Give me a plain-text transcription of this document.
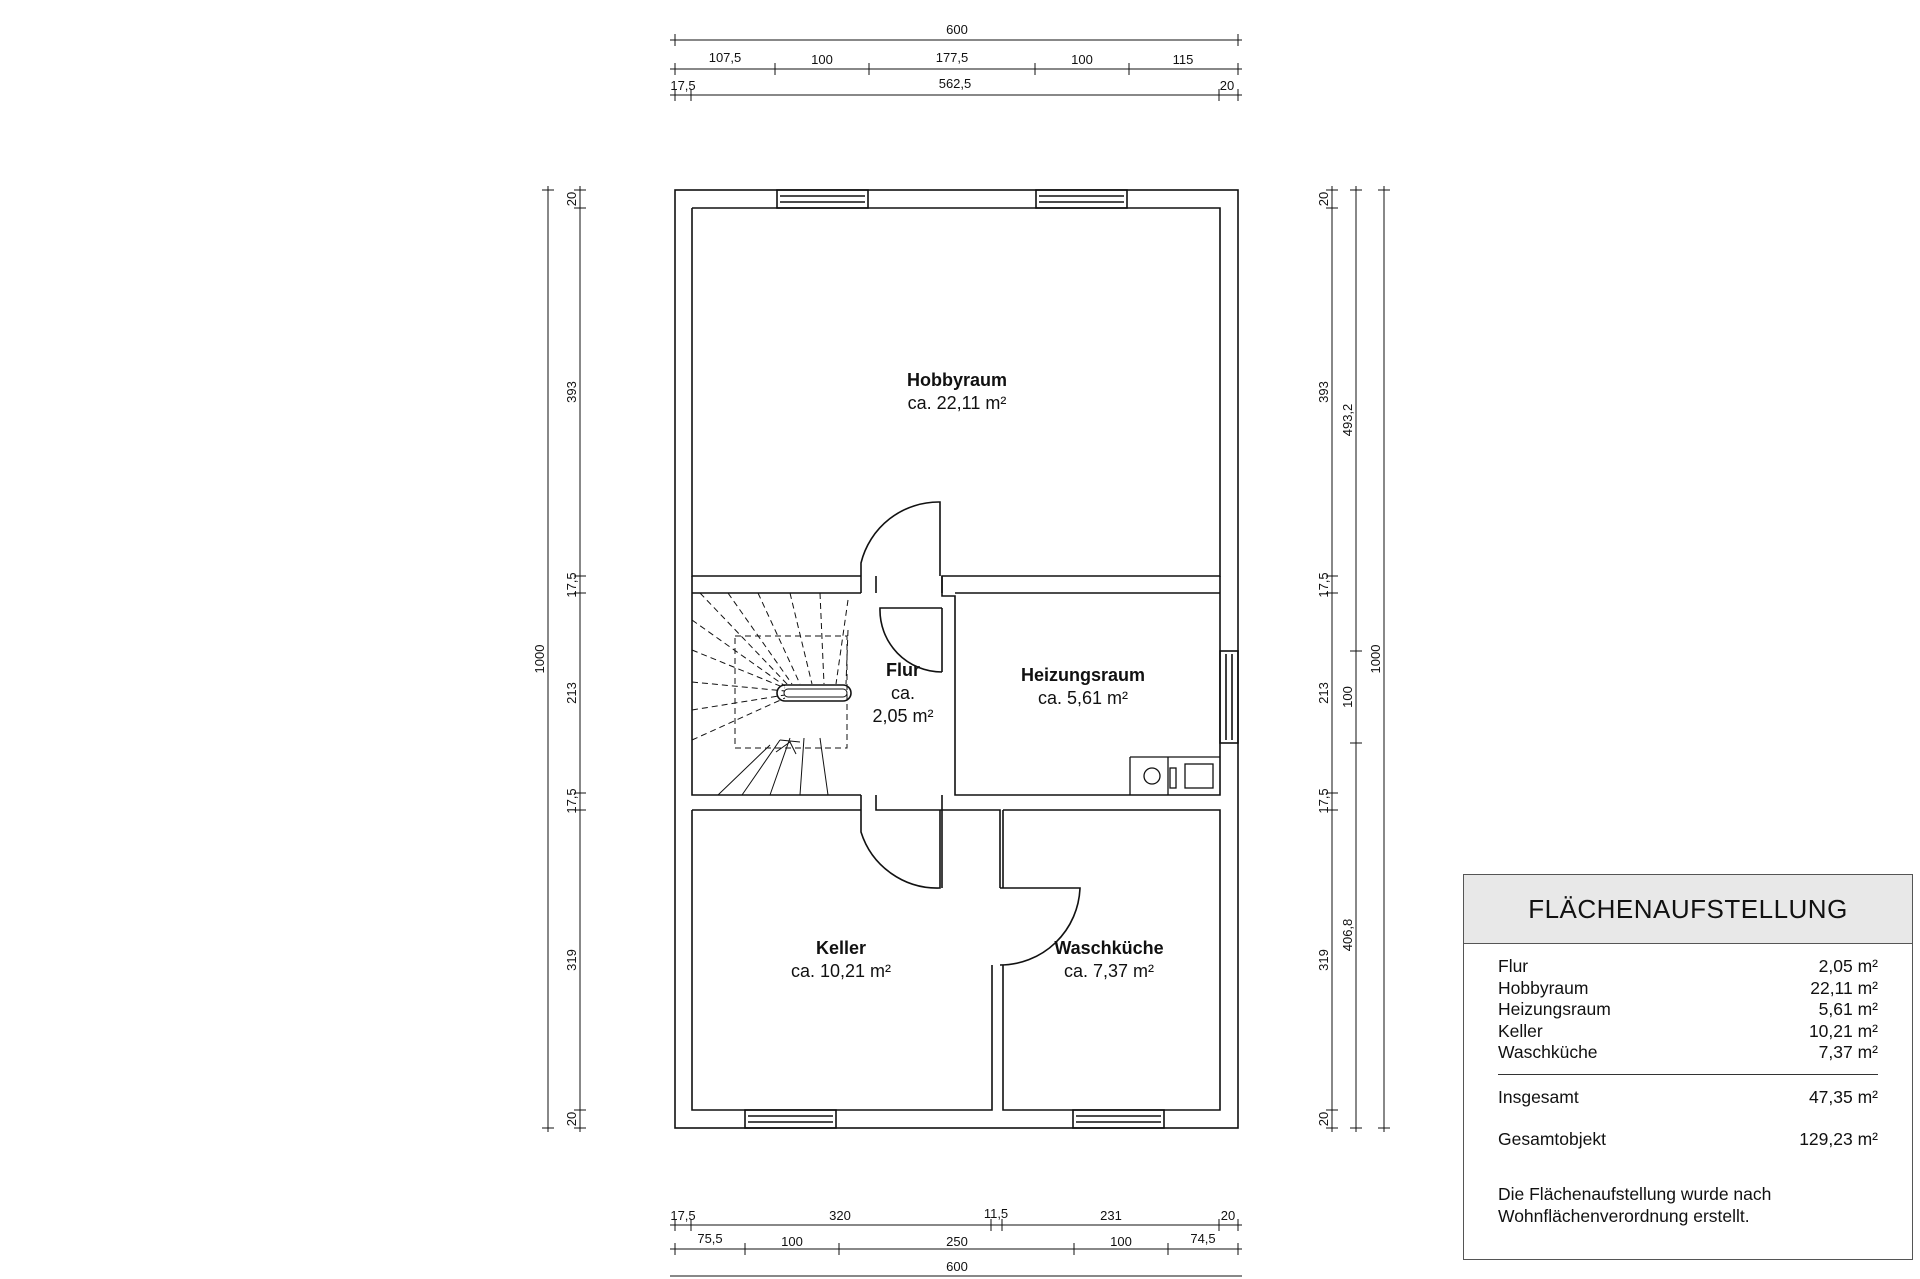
Hobbyraum
ca. 22,11 m²
Flur
ca.
2,05 m²
Heizungsraum
ca. 5,61 m²
Keller
ca. 10,21 m²
Waschküche
ca. 7,37 m²
600
107,5	100	177,5	100	115
17,5	562,5	20
17,5	320	11,5	231	20
75,5	100	250	100	74,5
600
1000
20
393
17,5
213
17,5
319
20
20
393
17,5
213
17,5
319
20
493,2
100
406,8
1000
FLÄCHENAUFSTELLUNG
Flur	2,05 m²
Hobbyraum	22,11 m²
Heizungsraum	5,61 m²
Keller	10,21 m²
Waschküche	7,37 m²
Insgesamt	47,35 m²
Gesamtobjekt	129,23 m²
Die Flächenaufstellung wurde nach
Wohnflächenverordnung erstellt.
